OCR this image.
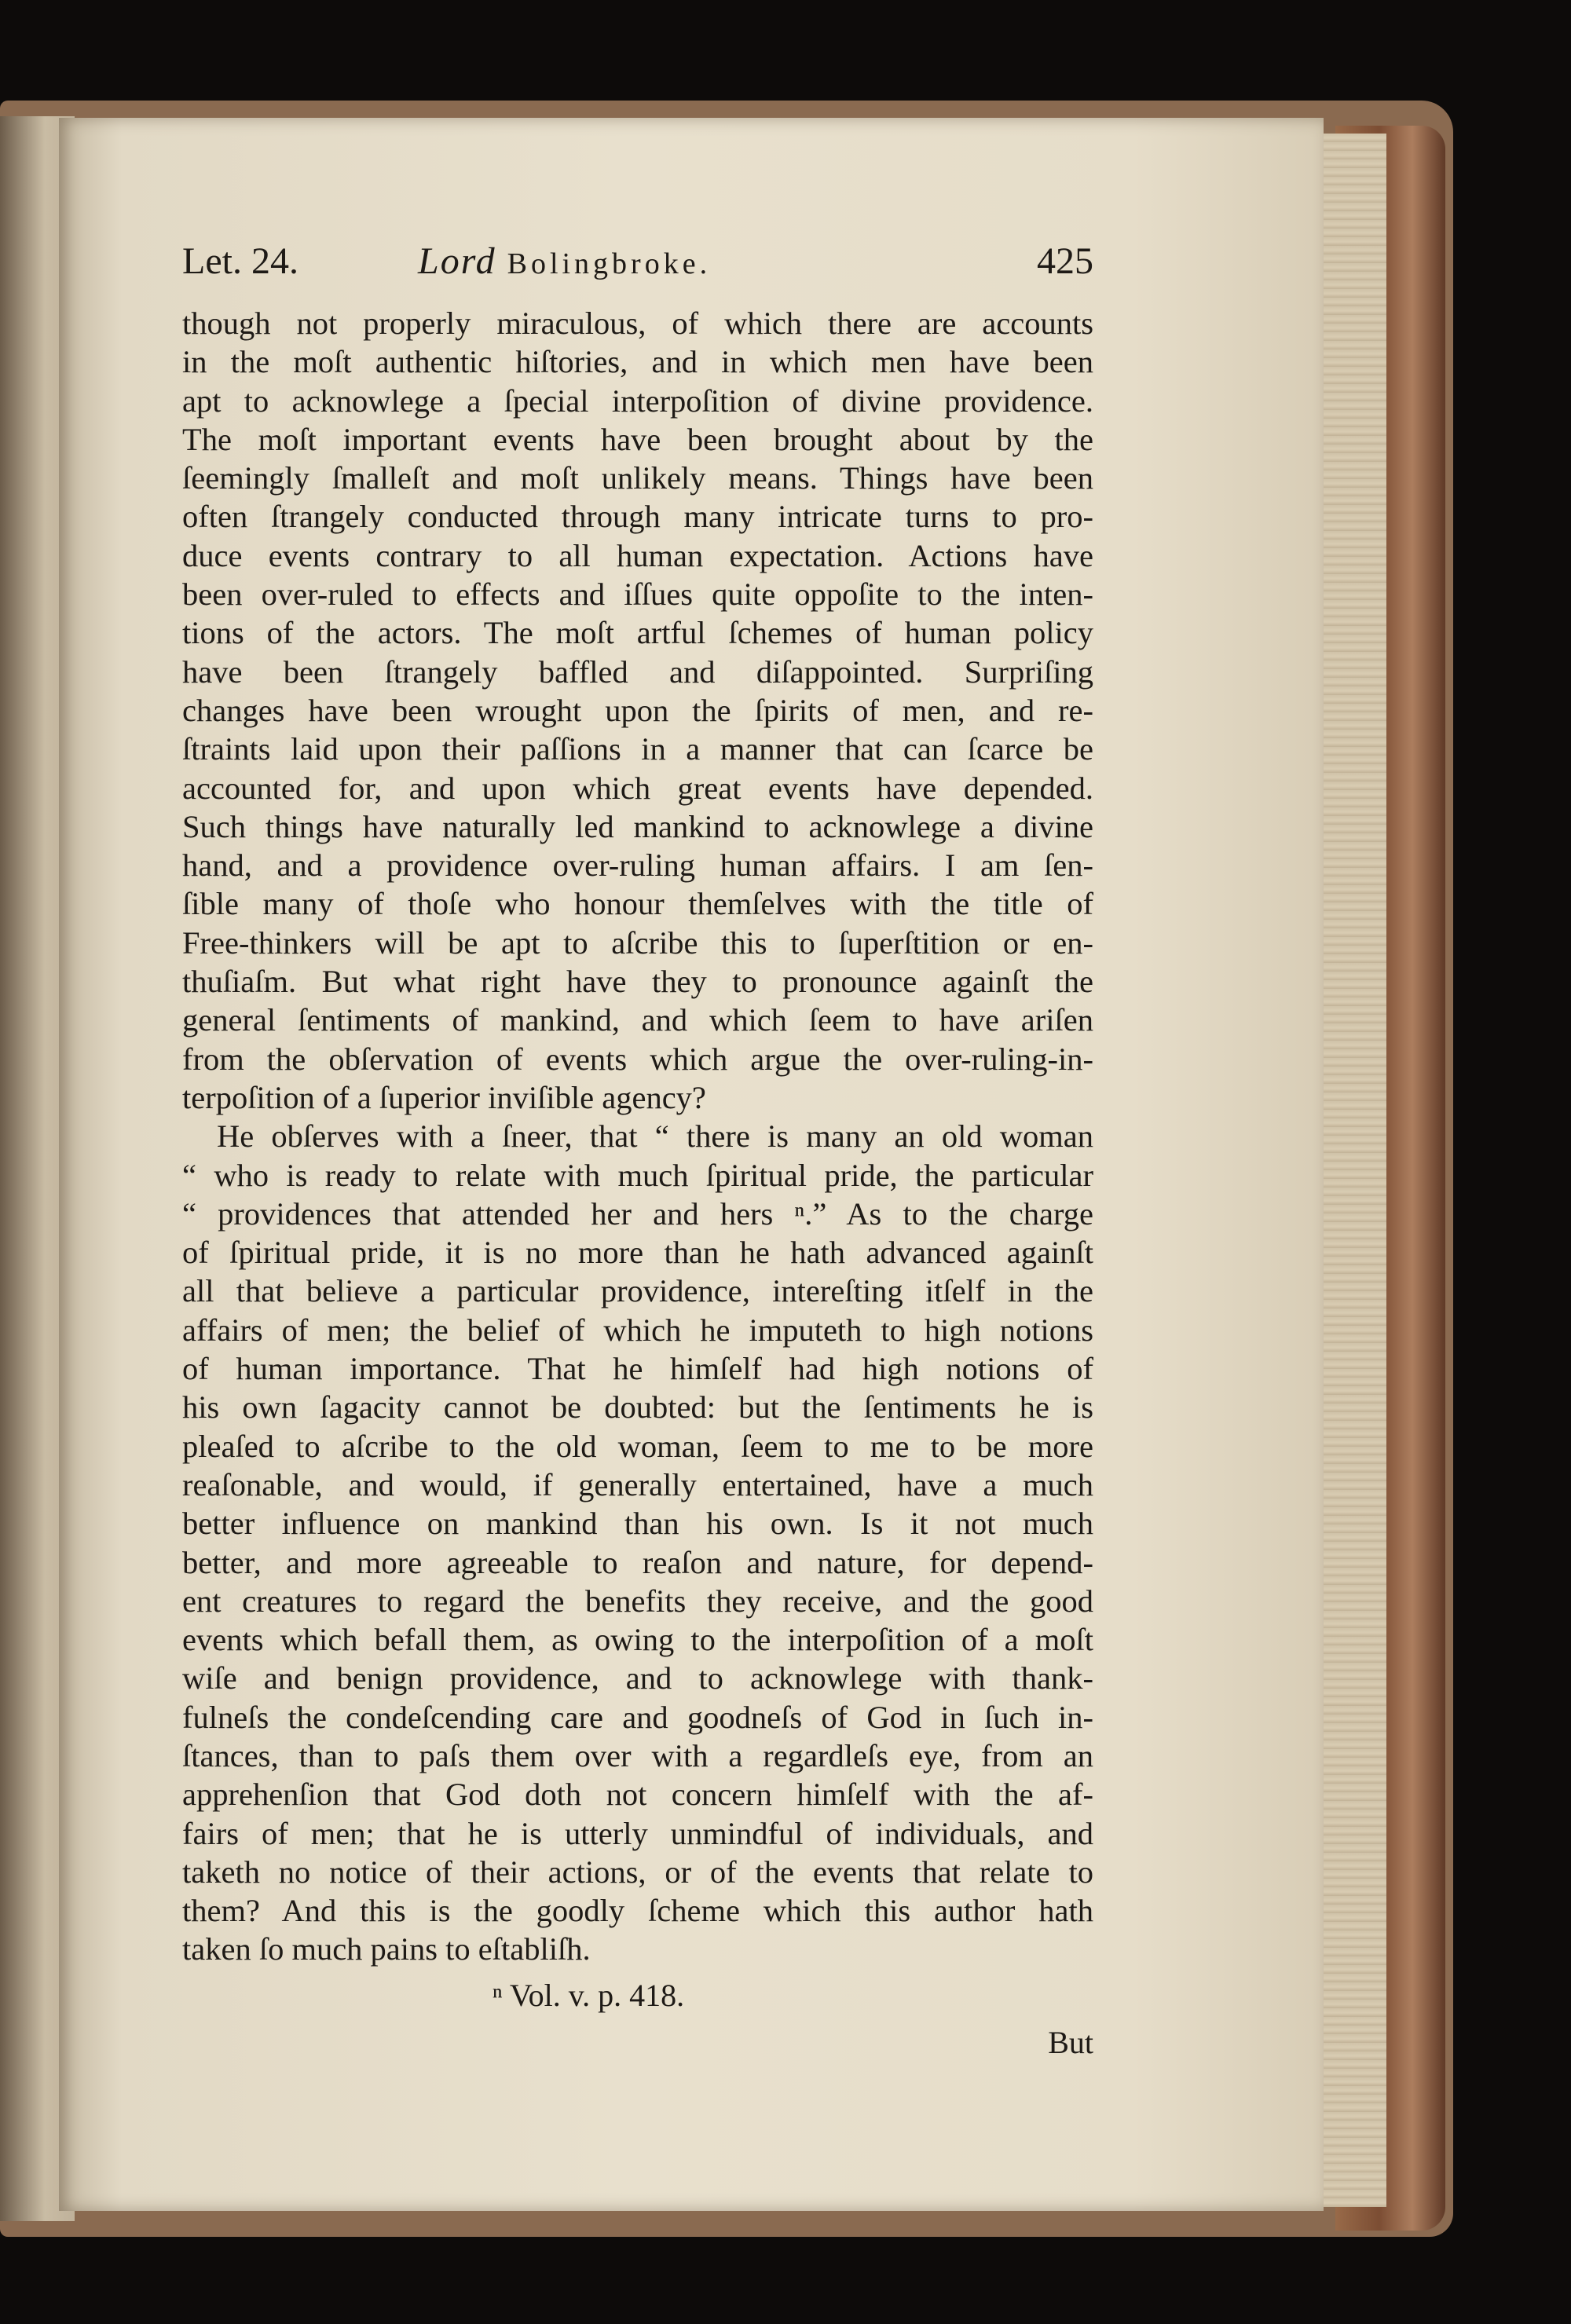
Let. 24.	Lord Bolingbroke.	425
though not properly miraculous, of which there are accounts
in the moſt authentic hiſtories, and in which men have been
apt to acknowlege a ſpecial interpoſition of divine providence.
The moſt important events have been brought about by the
ſeemingly ſmalleſt and moſt unlikely means. Things have been
often ſtrangely conducted through many intricate turns to pro-
duce events contrary to all human expectation. Actions have
been over-ruled to effects and iſſues quite oppoſite to the inten-
tions of the actors. The moſt artful ſchemes of human policy
have been ſtrangely baffled and diſappointed. Surpriſing
changes have been wrought upon the ſpirits of men, and re-
ſtraints laid upon their paſſions in a manner that can ſcarce be
accounted for, and upon which great events have depended.
Such things have naturally led mankind to acknowlege a divine
hand, and a providence over-ruling human affairs. I am ſen-
ſible many of thoſe who honour themſelves with the title of
Free-thinkers will be apt to aſcribe this to ſuperſtition or en-
thuſiaſm. But what right have they to pronounce againſt the
general ſentiments of mankind, and which ſeem to have ariſen
from the obſervation of events which argue the over-ruling-in-
terpoſition of a ſuperior inviſible agency?
He obſerves with a ſneer, that “ there is many an old woman
“ who is ready to relate with much ſpiritual pride, the particular
“ providences that attended her and hers ⁿ.” As to the charge
of ſpiritual pride, it is no more than he hath advanced againſt
all that believe a particular providence, intereſting itſelf in the
affairs of men; the belief of which he imputeth to high notions
of human importance. That he himſelf had high notions of
his own ſagacity cannot be doubted: but the ſentiments he is
pleaſed to aſcribe to the old woman, ſeem to me to be more
reaſonable, and would, if generally entertained, have a much
better influence on mankind than his own. Is it not much
better, and more agreeable to reaſon and nature, for depend-
ent creatures to regard the benefits they receive, and the good
events which befall them, as owing to the interpoſition of a moſt
wiſe and benign providence, and to acknowlege with thank-
fulneſs the condeſcending care and goodneſs of God in ſuch in-
ſtances, than to paſs them over with a regardleſs eye, from an
apprehenſion that God doth not concern himſelf with the af-
fairs of men; that he is utterly unmindful of individuals, and
taketh no notice of their actions, or of the events that relate to
them? And this is the goodly ſcheme which this author hath
taken ſo much pains to eſtabliſh.
ⁿ Vol. v. p. 418.
But
